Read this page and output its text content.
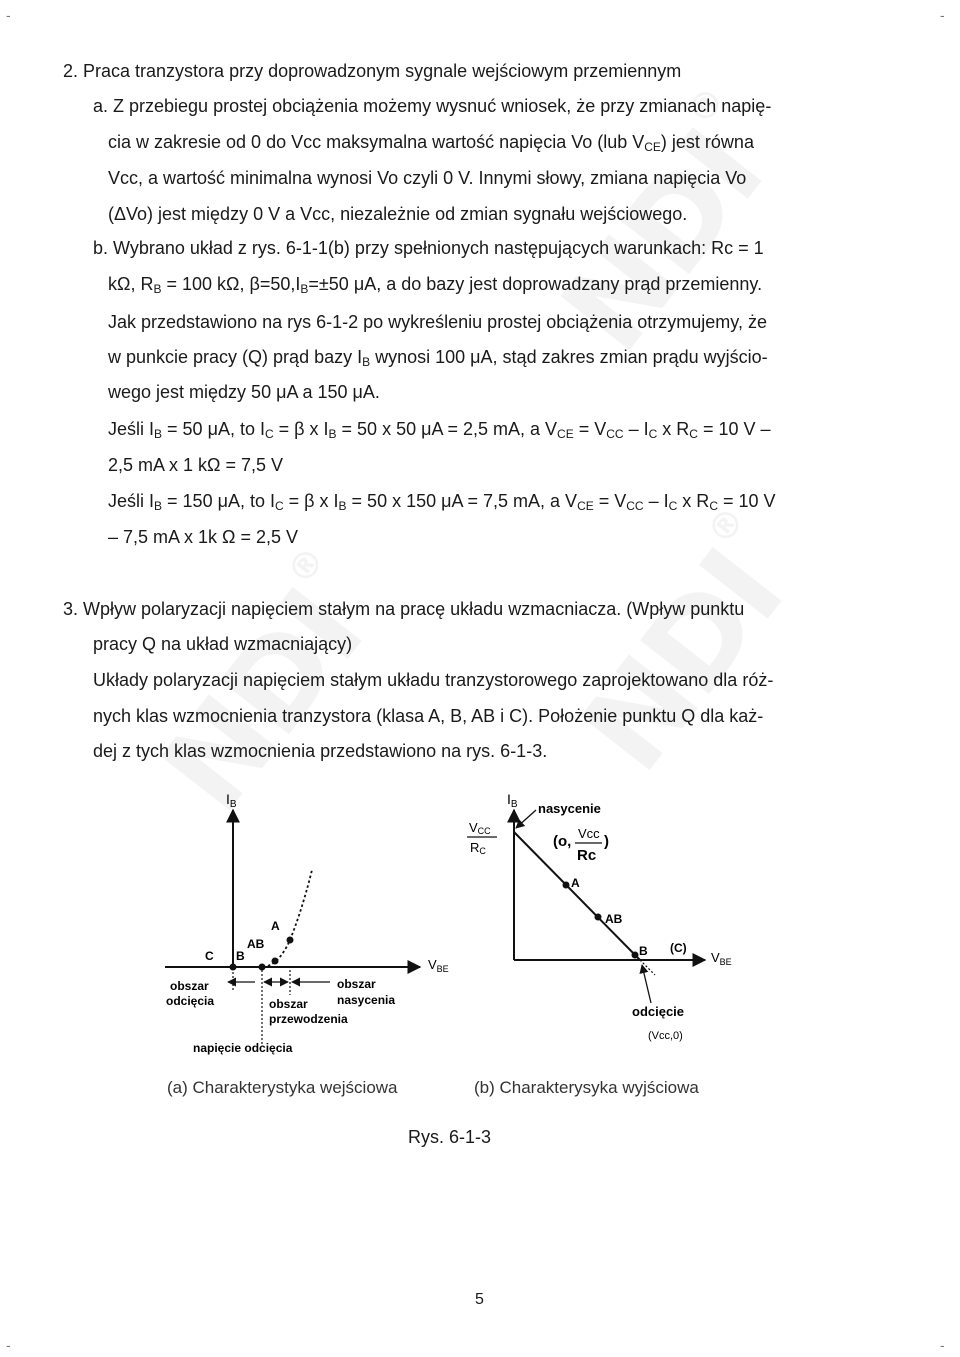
-	-
-	-
2. Praca tranzystora przy doprowadzonym sygnale wejściowym przemiennym
a. Z przebiegu prostej obciążenia możemy wysnuć wniosek, że przy zmianach napię-
cia w zakresie od 0 do Vcc maksymalna wartość napięcia Vo (lub $V_{CE}$) jest równa
Vcc, a wartość minimalna wynosi Vo czyli 0 V. Innymi słowy, zmiana napięcia Vo
(ΔVo) jest między 0 V a Vcc, niezależnie od zmian sygnału wejściowego.
b. Wybrano układ z rys. 6-1-1(b) przy spełnionych następujących warunkach: Rc = 1
kΩ, $R_B = 100$ kΩ, $\beta=50,I_B=\pm 50$ μA, a do bazy jest doprowadzany prąd przemienny.
Jak przedstawiono na rys 6-1-2 po wykreśleniu prostej obciążenia otrzymujemy, że
w punkcie pracy (Q) prąd bazy $I_B$ wynosi 100 μA, stąd zakres zmian prądu wyjścio-
wego jest między 50 μA a 150 μA.
Jeśli $I_B = 50$ μA, to $I_C = \beta$ x $I_B = 50$ x 50 μA = 2,5 mA, a $V_{CE} = V_{CC} - I_C$ x $R_C = 10$ V –
2,5 mA x 1 kΩ = 7,5 V
Jeśli $I_B = 150$ μA, to $I_C = \beta$ x $I_B = 50$ x 150 μA = 7,5 mA, a $V_{CE} = V_{CC} - I_C$ x $R_C = 10$ V
– 7,5 mA x 1k Ω = 2,5 V
3. Wpływ polaryzacji napięciem stałym na pracę układu wzmacniacza. (Wpływ punktu
pracy Q na układ wzmacniający)
Układy polaryzacji napięciem stałym układu tranzystorowego zaprojektowano dla róż-
nych klas wzmocnienia tranzystora (klasa A, B, AB i C). Położenie punktu Q dla każ-
dej z tych klas wzmocnienia przedstawiono na rys. 6-1-3.
$I_B$
$V_{BE}$
C B
AB
A
obszar
odcięcia	obszar
przewodzenia
obszar
nasycenia
napięcie odcięcia
(a) Charakterystyka wejściowa
$I_B$
$V_{BE}$
VCC
RC
nasycenie
(o, Vcc
Rc
)
A
AB
B (C)
odcięcie
(Vcc,0)
(b) Charakterysyka wyjściowa
Rys. 6-1-3
5
